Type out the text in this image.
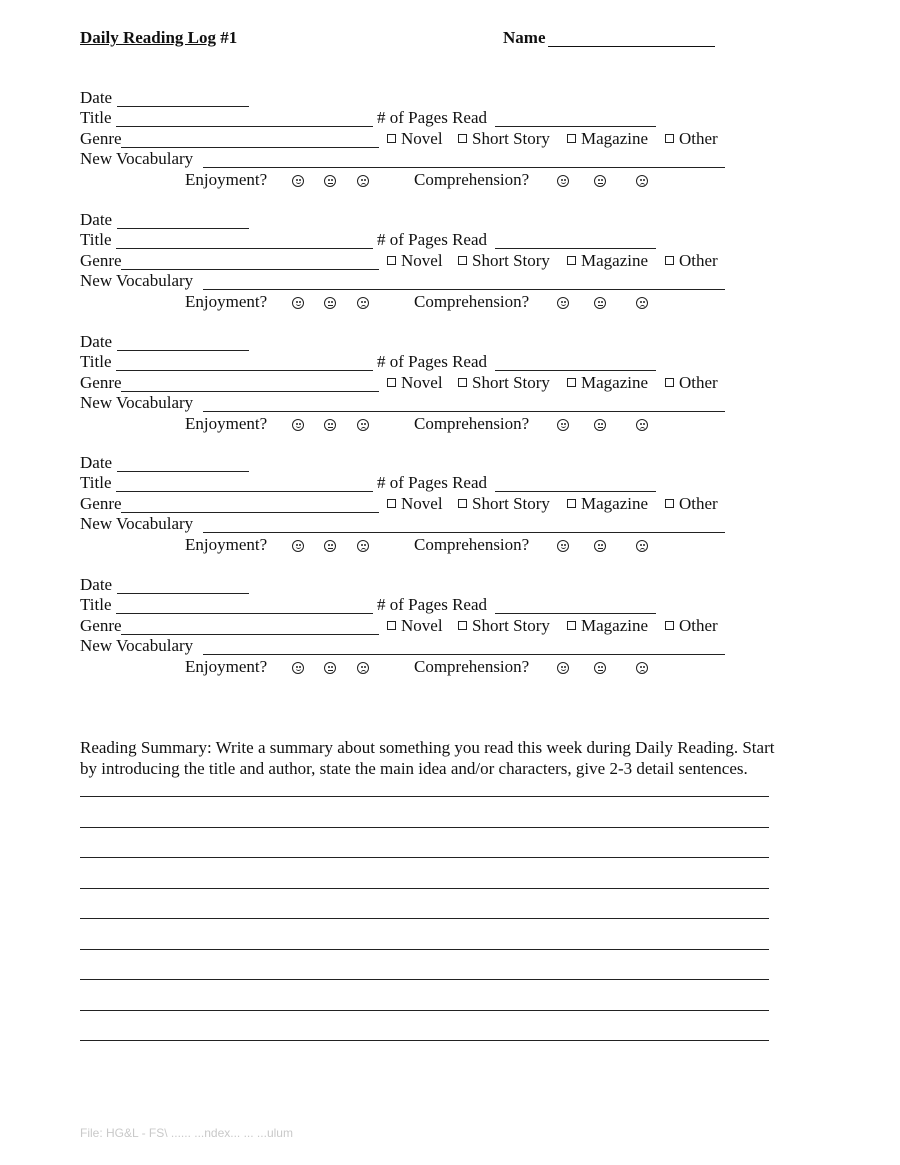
Daily Reading Log #1	Name
Date
Title	# of Pages Read
Genre	Novel	Short Story	Magazine	Other
New Vocabulary
Enjoyment?	Comprehension?
Date
Title	# of Pages Read
Genre	Novel	Short Story	Magazine	Other
New Vocabulary
Enjoyment?	Comprehension?
Date
Title	# of Pages Read
Genre	Novel	Short Story	Magazine	Other
New Vocabulary
Enjoyment?	Comprehension?
Date
Title	# of Pages Read
Genre	Novel	Short Story	Magazine	Other
New Vocabulary
Enjoyment?	Comprehension?
Date
Title	# of Pages Read
Genre	Novel	Short Story	Magazine	Other
New Vocabulary
Enjoyment?	Comprehension?
Reading Summary: Write a summary about something you read this week during Daily Reading. Start
by introducing the title and author, state the main idea and/or characters, give 2-3 detail sentences.
File: HG&L - FS\ ...... ...ndex... ... ...ulum
